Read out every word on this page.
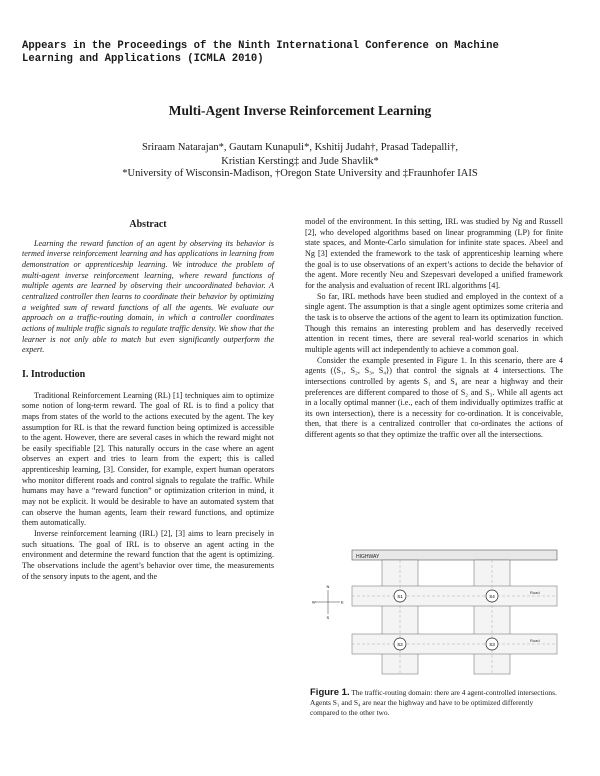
Appears in the Proceedings of the Ninth International Conference on Machine
Learning and Applications (ICMLA 2010)
Multi-Agent Inverse Reinforcement Learning
Sriraam Natarajan*, Gautam Kunapuli*, Kshitij Judah†, Prasad Tadepalli†,
Kristian Kersting‡ and Jude Shavlik*
*University of Wisconsin-Madison, †Oregon State University and ‡Fraunhofer IAIS
Abstract

Learning the reward function of an agent by observing its behavior is termed inverse reinforcement learning and has applications in learning from demonstration or apprenticeship learning. We introduce the problem of multi-agent inverse reinforcement learning, where reward functions of multiple agents are learned by observing their uncoordinated behavior. A centralized controller then learns to coordinate their behavior by optimizing a weighted sum of reward functions of all the agents. We evaluate our approach on a traffic-routing domain, in which a controller coordinates actions of multiple traffic signals to regulate traffic density. We show that the learner is not only able to match but even significantly outperform the expert.

I. Introduction

Traditional Reinforcement Learning (RL) [1] techniques aim to optimize some notion of long-term reward. The goal of RL is to find a policy that maps from states of the world to the actions executed by the agent. The key assumption for RL is that the reward function being optimized is accessible to the agent. However, there are several cases in which the reward might not be easily specifiable [2]. This naturally occurs in the case where an agent observes an expert and tries to learn from the expert; this is called apprenticeship learning, [3]. Consider, for example, expert human operators who monitor different roads and control signals to regulate the traffic. While humans may have a “reward function” or optimization criterion in mind, it may not be explicit. It would be desirable to have an automated system that can observe the human agents, learn their reward functions, and optimize them automatically.

Inverse reinforcement learning (IRL) [2], [3] aims to learn precisely in such situations. The goal of IRL is to observe an agent acting in the environment and determine the reward function that the agent is optimizing. The observations include the agent’s behavior over time, the measurements of the sensory inputs to the agent, and the

model of the environment. In this setting, IRL was studied by Ng and Russell [2], who developed algorithms based on linear programming (LP) for finite state spaces, and Monte-Carlo simulation for infinite state spaces. Abeel and Ng [3] extended the framework to the task of apprenticeship learning where the goal is to use observations of an expert’s actions to decide the behavior of the agent. More recently Neu and Szepesvari developed a unified framework for the analysis and evaluation of recent IRL algorithms [4].

So far, IRL methods have been studied and employed in the context of a single agent. The assumption is that a single agent optimizes some criteria and the task is to observe the actions of the agent to learn its optimization function. Though this remains an interesting problem and has deservedly received attention in recent times, there are several real-world scenarios in which multiple agents will act independently to achieve a common goal.

Consider the example presented in Figure 1. In this scenario, there are 4 agents (⟨S₁, S₂, S₃, S₄⟩) that control the signals at 4 intersections. The intersections controlled by agents S₁ and S₄ are near a highway and their preferences are different compared to those of S₂ and S₃. While all agents act in a locally optimal manner (i.e., each of them individually optimizes traffic at its own intersection), there is a necessity for co-ordination. It is conceivable, then, that there is a centralized controller that co-ordinates the actions of different agents so that they optimize the traffic over all the intersections.

HIGHWAY
Road
Road
S1	S4
S2	S3
N
S
E
W
Figure 1. The traffic-routing domain: there are 4 agent-controlled intersections. Agents S₁ and S₄ are near the highway and have to be optimized differently compared to the other two.
